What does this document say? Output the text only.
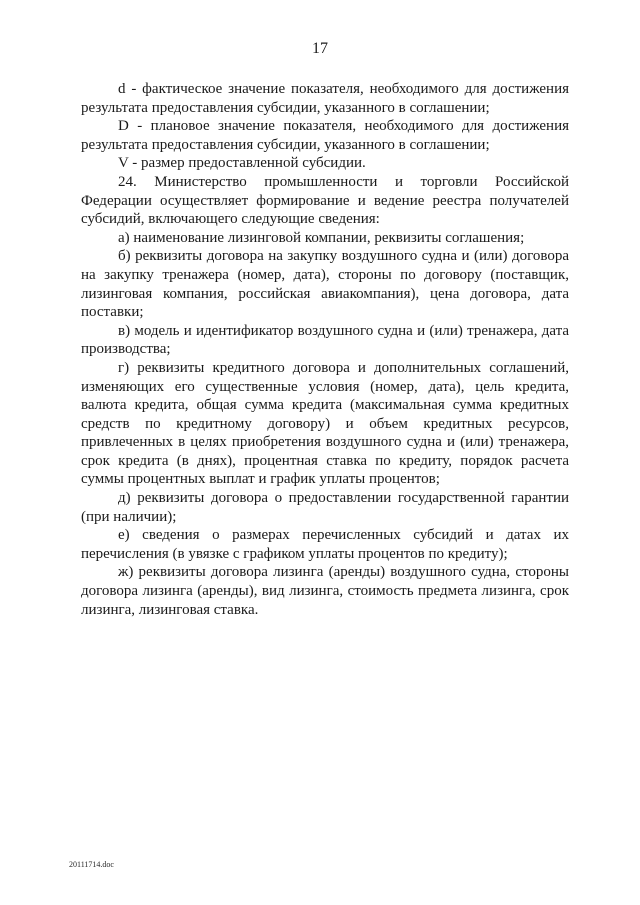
17

d - фактическое значение показателя, необходимого для достижения результата предоставления субсидии, указанного в соглашении;

D - плановое значение показателя, необходимого для достижения результата предоставления субсидии, указанного в соглашении;

V - размер предоставленной субсидии.

24. Министерство промышленности и торговли Российской Федерации осуществляет формирование и ведение реестра получателей субсидий, включающего следующие сведения:

а) наименование лизинговой компании, реквизиты соглашения;

б) реквизиты договора на закупку воздушного судна и (или) договора на закупку тренажера (номер, дата), стороны по договору (поставщик, лизинговая компания, российская авиакомпания), цена договора, дата поставки;

в) модель и идентификатор воздушного судна и (или) тренажера, дата производства;

г) реквизиты кредитного договора и дополнительных соглашений, изменяющих его существенные условия (номер, дата), цель кредита, валюта кредита, общая сумма кредита (максимальная сумма кредитных средств по кредитному договору) и объем кредитных ресурсов, привлеченных в целях приобретения воздушного судна и (или) тренажера, срок кредита (в днях), процентная ставка по кредиту, порядок расчета суммы процентных выплат и график уплаты процентов;

д) реквизиты договора о предоставлении государственной гарантии (при наличии);

е) сведения о размерах перечисленных субсидий и датах их перечисления (в увязке с графиком уплаты процентов по кредиту);

ж) реквизиты договора лизинга (аренды) воздушного судна, стороны договора лизинга (аренды), вид лизинга, стоимость предмета лизинга, срок лизинга, лизинговая ставка.

20111714.doc
